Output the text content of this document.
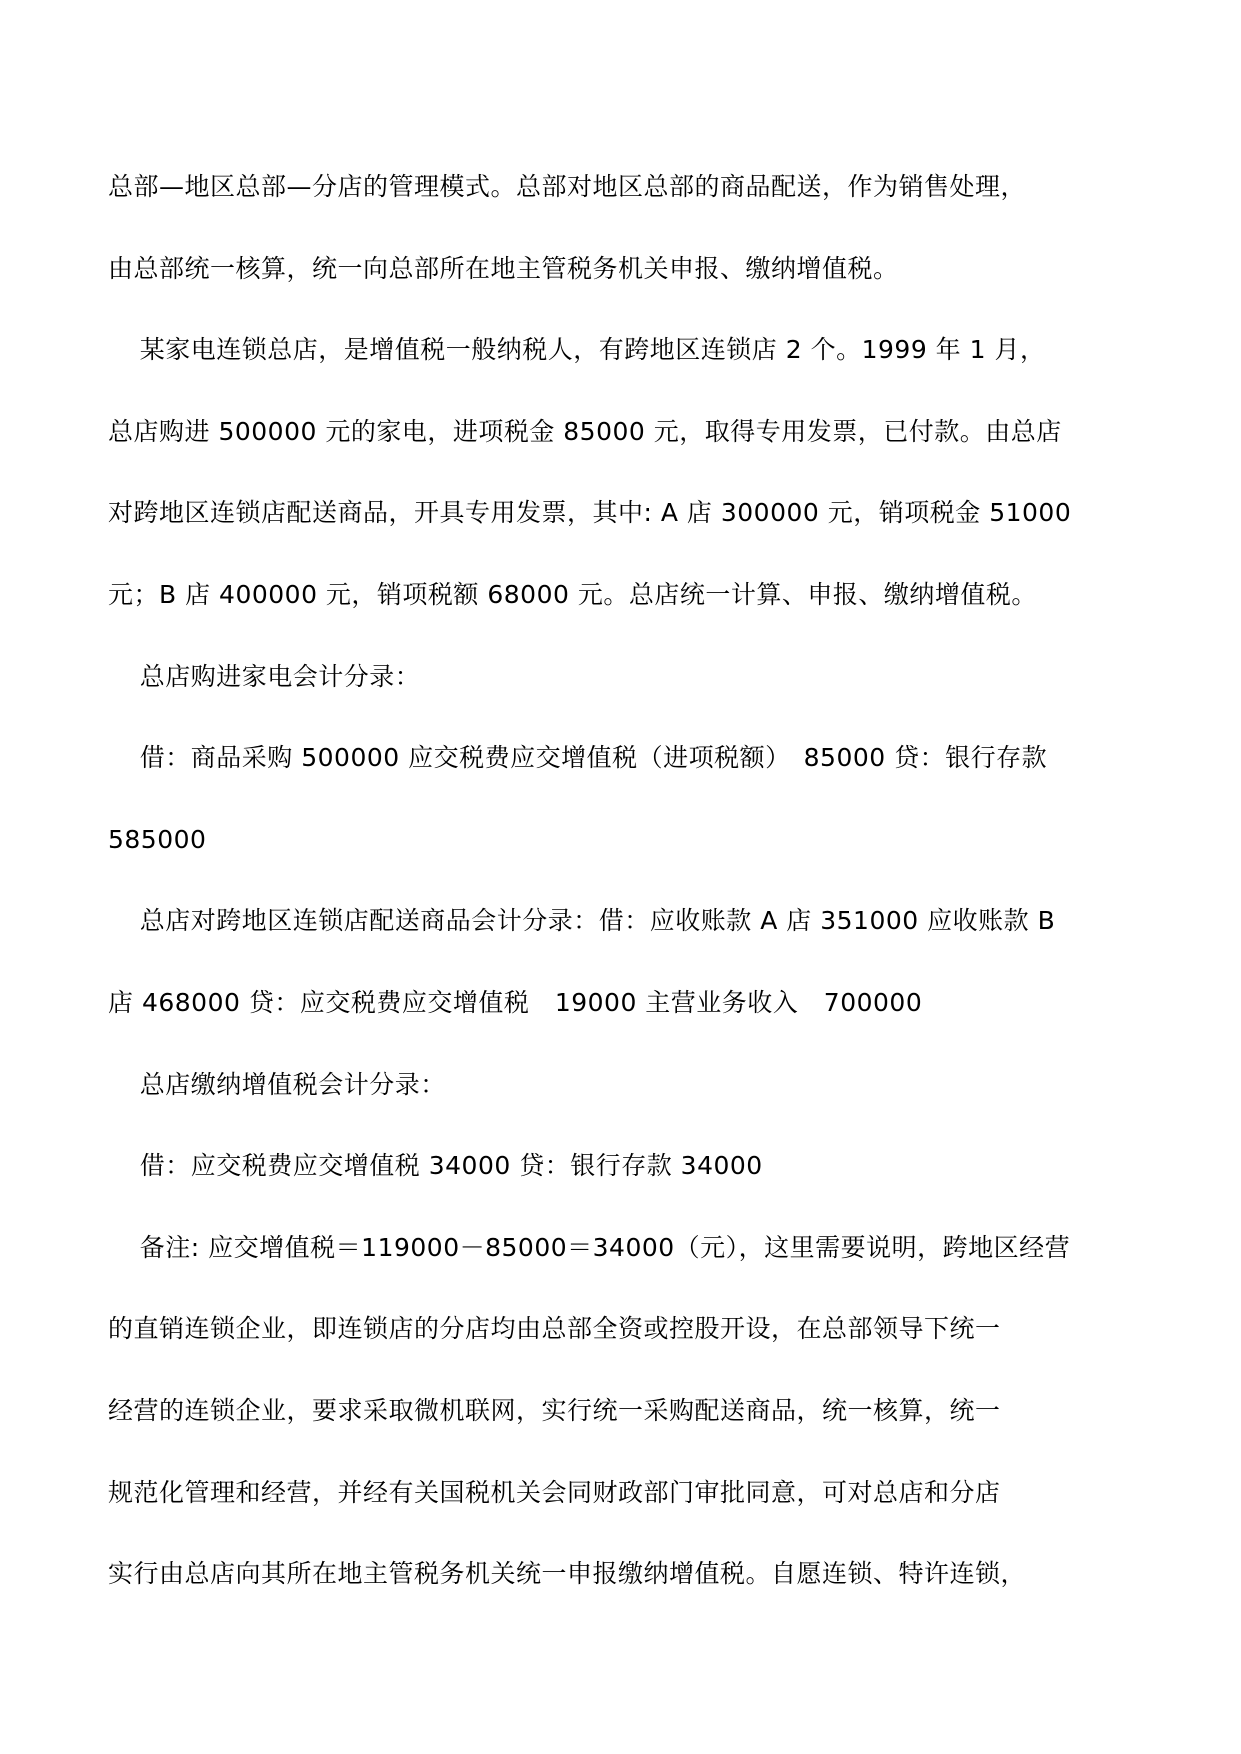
总部—地区总部—分店的管理模式。总部对地区总部的商品配送，作为销售处理，
由总部统一核算，统一向总部所在地主管税务机关申报、缴纳增值税。
某家电连锁总店，是增值税一般纳税人，有跨地区连锁店 2 个。1999 年 1 月，
总店购进 500000 元的家电，进项税金 85000 元，取得专用发票，已付款。由总店
对跨地区连锁店配送商品，开具专用发票，其中: A 店 300000 元，销项税金 51000
元；B 店 400000 元，销项税额 68000 元。总店统一计算、申报、缴纳增值税。
总店购进家电会计分录：
借：商品采购 500000 应交税费应交增值税（进项税额）　85000 贷：银行存款
585000
总店对跨地区连锁店配送商品会计分录：借：应收账款 A 店 351000 应收账款 B
店 468000 贷：应交税费应交增值税　19000 主营业务收入　700000
总店缴纳增值税会计分录：
借：应交税费应交增值税 34000 贷：银行存款 34000
备注: 应交增值税＝119000－85000＝34000（元），这里需要说明，跨地区经营
的直销连锁企业，即连锁店的分店均由总部全资或控股开设，在总部领导下统一
经营的连锁企业，要求采取微机联网，实行统一采购配送商品，统一核算，统一
规范化管理和经营，并经有关国税机关会同财政部门审批同意，可对总店和分店
实行由总店向其所在地主管税务机关统一申报缴纳增值税。自愿连锁、特许连锁，
